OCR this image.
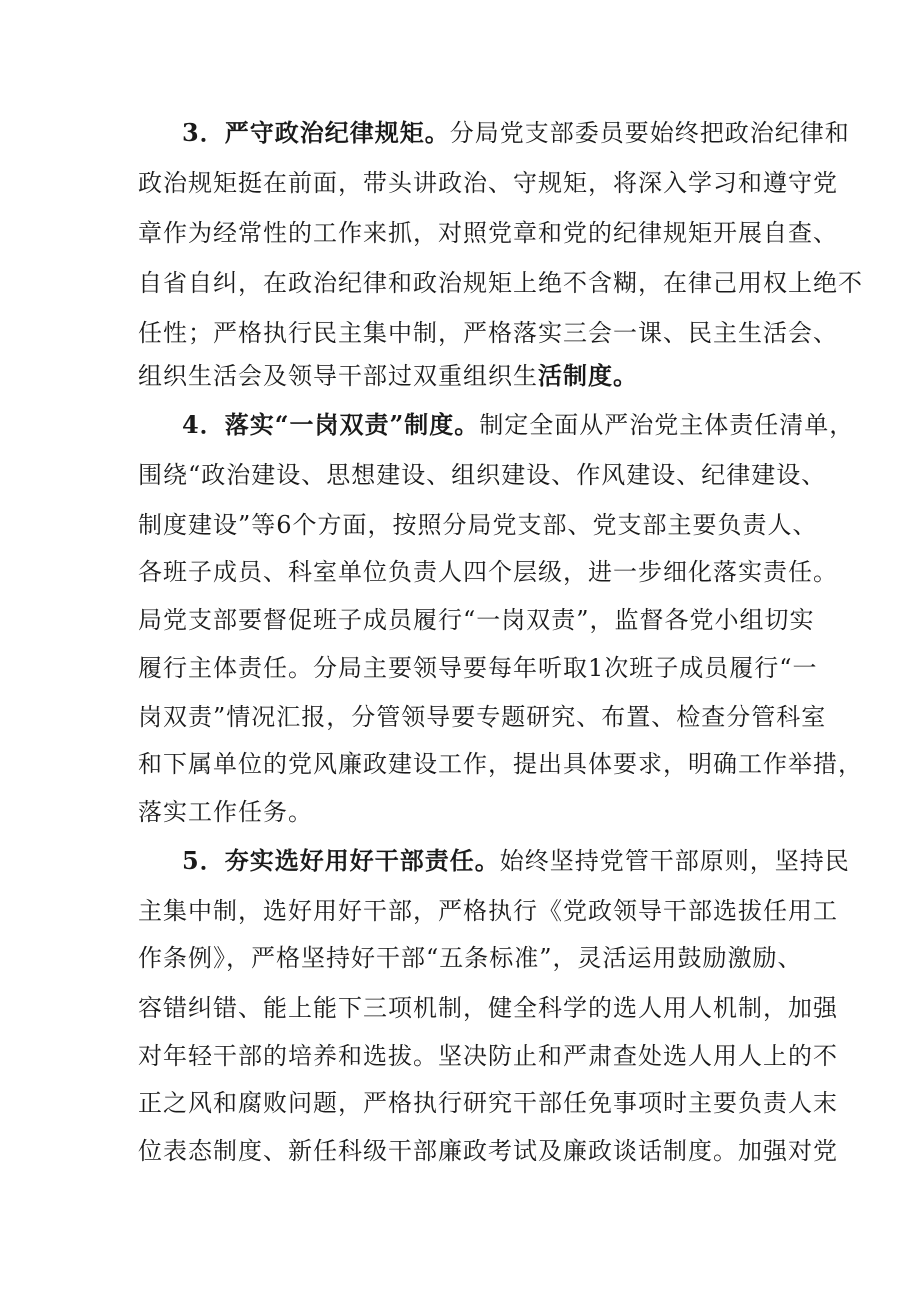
3．严守政治纪律规矩。分局党支部委员要始终把政治纪律和
政治规矩挺在前面，带头讲政治、守规矩，将深入学习和遵守党
章作为经常性的工作来抓，对照党章和党的纪律规矩开展自查、
自省自纠，在政治纪律和政治规矩上绝不含糊，在律己用权上绝不
任性；严格执行民主集中制，严格落实三会一课、民主生活会、
组织生活会及领导干部过双重组织生活制度。
4．落实“一岗双责”制度。制定全面从严治党主体责任清单，
围绕“政治建设、思想建设、组织建设、作风建设、纪律建设、
制度建设”等6个方面，按照分局党支部、党支部主要负责人、
各班子成员、科室单位负责人四个层级，进一步细化落实责任。
局党支部要督促班子成员履行“一岗双责”，监督各党小组切实
履行主体责任。分局主要领导要每年听取1次班子成员履行“一
岗双责”情况汇报，分管领导要专题研究、布置、检查分管科室
和下属单位的党风廉政建设工作，提出具体要求，明确工作举措，
落实工作任务。
5．夯实选好用好干部责任。始终坚持党管干部原则，坚持民
主集中制，选好用好干部，严格执行《党政领导干部选拔任用工
作条例》，严格坚持好干部“五条标准”，灵活运用鼓励激励、
容错纠错、能上能下三项机制，健全科学的选人用人机制，加强
对年轻干部的培养和选拔。坚决防止和严肃查处选人用人上的不
正之风和腐败问题，严格执行研究干部任免事项时主要负责人末
位表态制度、新任科级干部廉政考试及廉政谈话制度。加强对党
